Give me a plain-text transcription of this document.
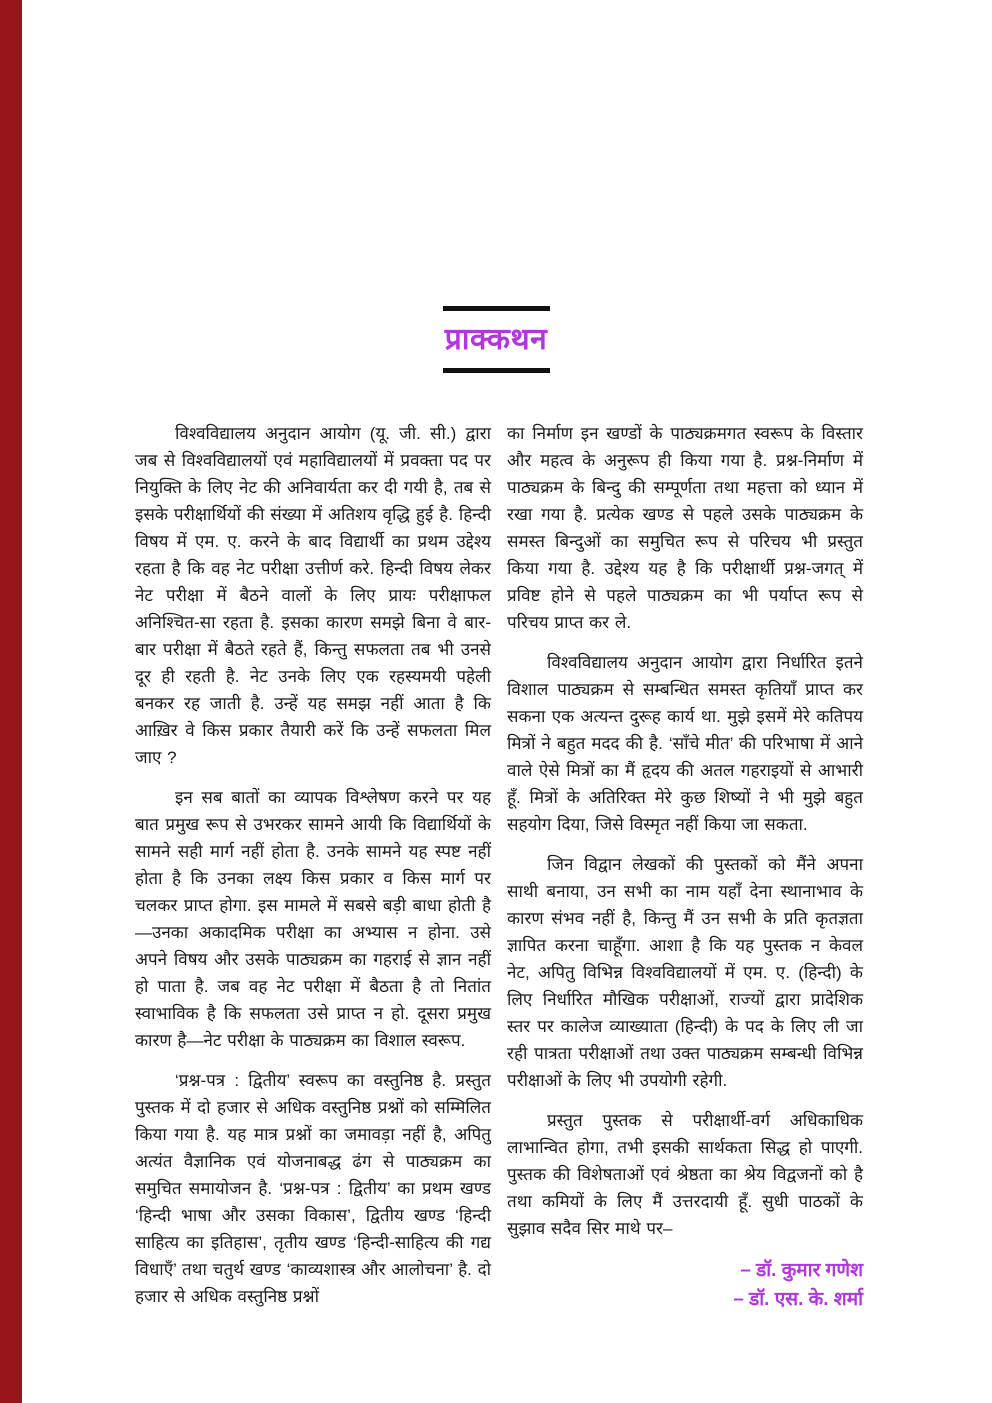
प्राक्कथन

विश्वविद्यालय अनुदान आयोग (यू. जी. सी.) द्वारा जब से विश्वविद्यालयों एवं महाविद्यालयों में प्रवक्ता पद पर नियुक्ति के लिए नेट की अनिवार्यता कर दी गयी है, तब से इसके परीक्षार्थियों की संख्या में अतिशय वृद्धि हुई है. हिन्दी विषय में एम. ए. करने के बाद विद्यार्थी का प्रथम उद्देश्य रहता है कि वह नेट परीक्षा उत्तीर्ण करे. हिन्दी विषय लेकर नेट परीक्षा में बैठने वालों के लिए प्रायः परीक्षाफल अनिश्चित-सा रहता है. इसका कारण समझे बिना वे बार-बार परीक्षा में बैठते रहते हैं, किन्तु सफलता तब भी उनसे दूर ही रहती है. नेट उनके लिए एक रहस्यमयी पहेली बनकर रह जाती है. उन्हें यह समझ नहीं आता है कि आख़िर वे किस प्रकार तैयारी करें कि उन्हें सफलता मिल जाए ?

इन सब बातों का व्यापक विश्लेषण करने पर यह बात प्रमुख रूप से उभरकर सामने आयी कि विद्यार्थियों के सामने सही मार्ग नहीं होता है. उनके सामने यह स्पष्ट नहीं होता है कि उनका लक्ष्य किस प्रकार व किस मार्ग पर चलकर प्राप्त होगा. इस मामले में सबसे बड़ी बाधा होती है—उनका अकादमिक परीक्षा का अभ्यास न होना. उसे अपने विषय और उसके पाठ्यक्रम का गहराई से ज्ञान नहीं हो पाता है. जब वह नेट परीक्षा में बैठता है तो नितांत स्वाभाविक है कि सफलता उसे प्राप्त न हो. दूसरा प्रमुख कारण है—नेट परीक्षा के पाठ्यक्रम का विशाल स्वरूप.

‘प्रश्न-पत्र : द्वितीय’ स्वरूप का वस्तुनिष्ठ है. प्रस्तुत पुस्तक में दो हजार से अधिक वस्तुनिष्ठ प्रश्नों को सम्मिलित किया गया है. यह मात्र प्रश्नों का जमावड़ा नहीं है, अपितु अत्यंत वैज्ञानिक एवं योजनाबद्ध ढंग से पाठ्यक्रम का समुचित समायोजन है. ‘प्रश्न-पत्र : द्वितीय’ का प्रथम खण्ड ‘हिन्दी भाषा और उसका विकास’, द्वितीय खण्ड ‘हिन्दी साहित्य का इतिहास’, तृतीय खण्ड ‘हिन्दी-साहित्य की गद्य विधाएँ’ तथा चतुर्थ खण्ड ‘काव्यशास्त्र और आलोचना’ है. दो हजार से अधिक वस्तुनिष्ठ प्रश्नों

का निर्माण इन खण्डों के पाठ्यक्रमगत स्वरूप के विस्तार और महत्व के अनुरूप ही किया गया है. प्रश्न-निर्माण में पाठ्यक्रम के बिन्दु की सम्पूर्णता तथा महत्ता को ध्यान में रखा गया है. प्रत्येक खण्ड से पहले उसके पाठ्यक्रम के समस्त बिन्दुओं का समुचित रूप से परिचय भी प्रस्तुत किया गया है. उद्देश्य यह है कि परीक्षार्थी प्रश्न-जगत् में प्रविष्ट होने से पहले पाठ्यक्रम का भी पर्याप्त रूप से परिचय प्राप्त कर ले.

विश्वविद्यालय अनुदान आयोग द्वारा निर्धारित इतने विशाल पाठ्यक्रम से सम्बन्धित समस्त कृतियाँ प्राप्त कर सकना एक अत्यन्त दुरूह कार्य था. मुझे इसमें मेरे कतिपय मित्रों ने बहुत मदद की है. ‘साँचे मीत’ की परिभाषा में आने वाले ऐसे मित्रों का मैं हृदय की अतल गहराइयों से आभारी हूँ. मित्रों के अतिरिक्त मेरे कुछ शिष्यों ने भी मुझे बहुत सहयोग दिया, जिसे विस्मृत नहीं किया जा सकता.

जिन विद्वान लेखकों की पुस्तकों को मैंने अपना साथी बनाया, उन सभी का नाम यहाँ देना स्थानाभाव के कारण संभव नहीं है, किन्तु मैं उन सभी के प्रति कृतज्ञता ज्ञापित करना चाहूँगा. आशा है कि यह पुस्तक न केवल नेट, अपितु विभिन्न विश्वविद्यालयों में एम. ए. (हिन्दी) के लिए निर्धारित मौखिक परीक्षाओं, राज्यों द्वारा प्रादेशिक स्तर पर कालेज व्याख्याता (हिन्दी) के पद के लिए ली जा रही पात्रता परीक्षाओं तथा उक्त पाठ्यक्रम सम्बन्धी विभिन्न परीक्षाओं के लिए भी उपयोगी रहेगी.

प्रस्तुत पुस्तक से परीक्षार्थी-वर्ग अधिकाधिक लाभान्वित होगा, तभी इसकी सार्थकता सिद्ध हो पाएगी. पुस्तक की विशेषताओं एवं श्रेष्ठता का श्रेय विद्वजनों को है तथा कमियों के लिए मैं उत्तरदायी हूँ. सुधी पाठकों के सुझाव सदैव सिर माथे पर–

– डॉ. कुमार गणेश
– डॉ. एस. के. शर्मा
